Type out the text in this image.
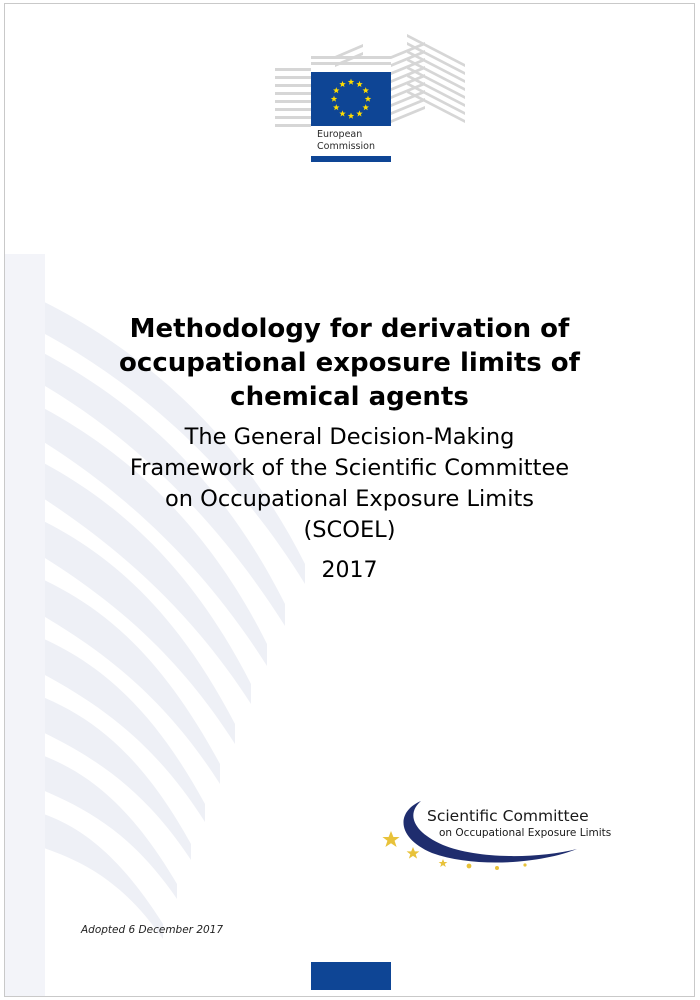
European
Commission
Methodology for derivation of
occupational exposure limits of
chemical agents
The General Decision-Making
Framework of the Scientific Committee
on Occupational Exposure Limits
(SCOEL)
2017
Scientific Committee
on Occupational Exposure Limits
Adopted 6 December 2017
